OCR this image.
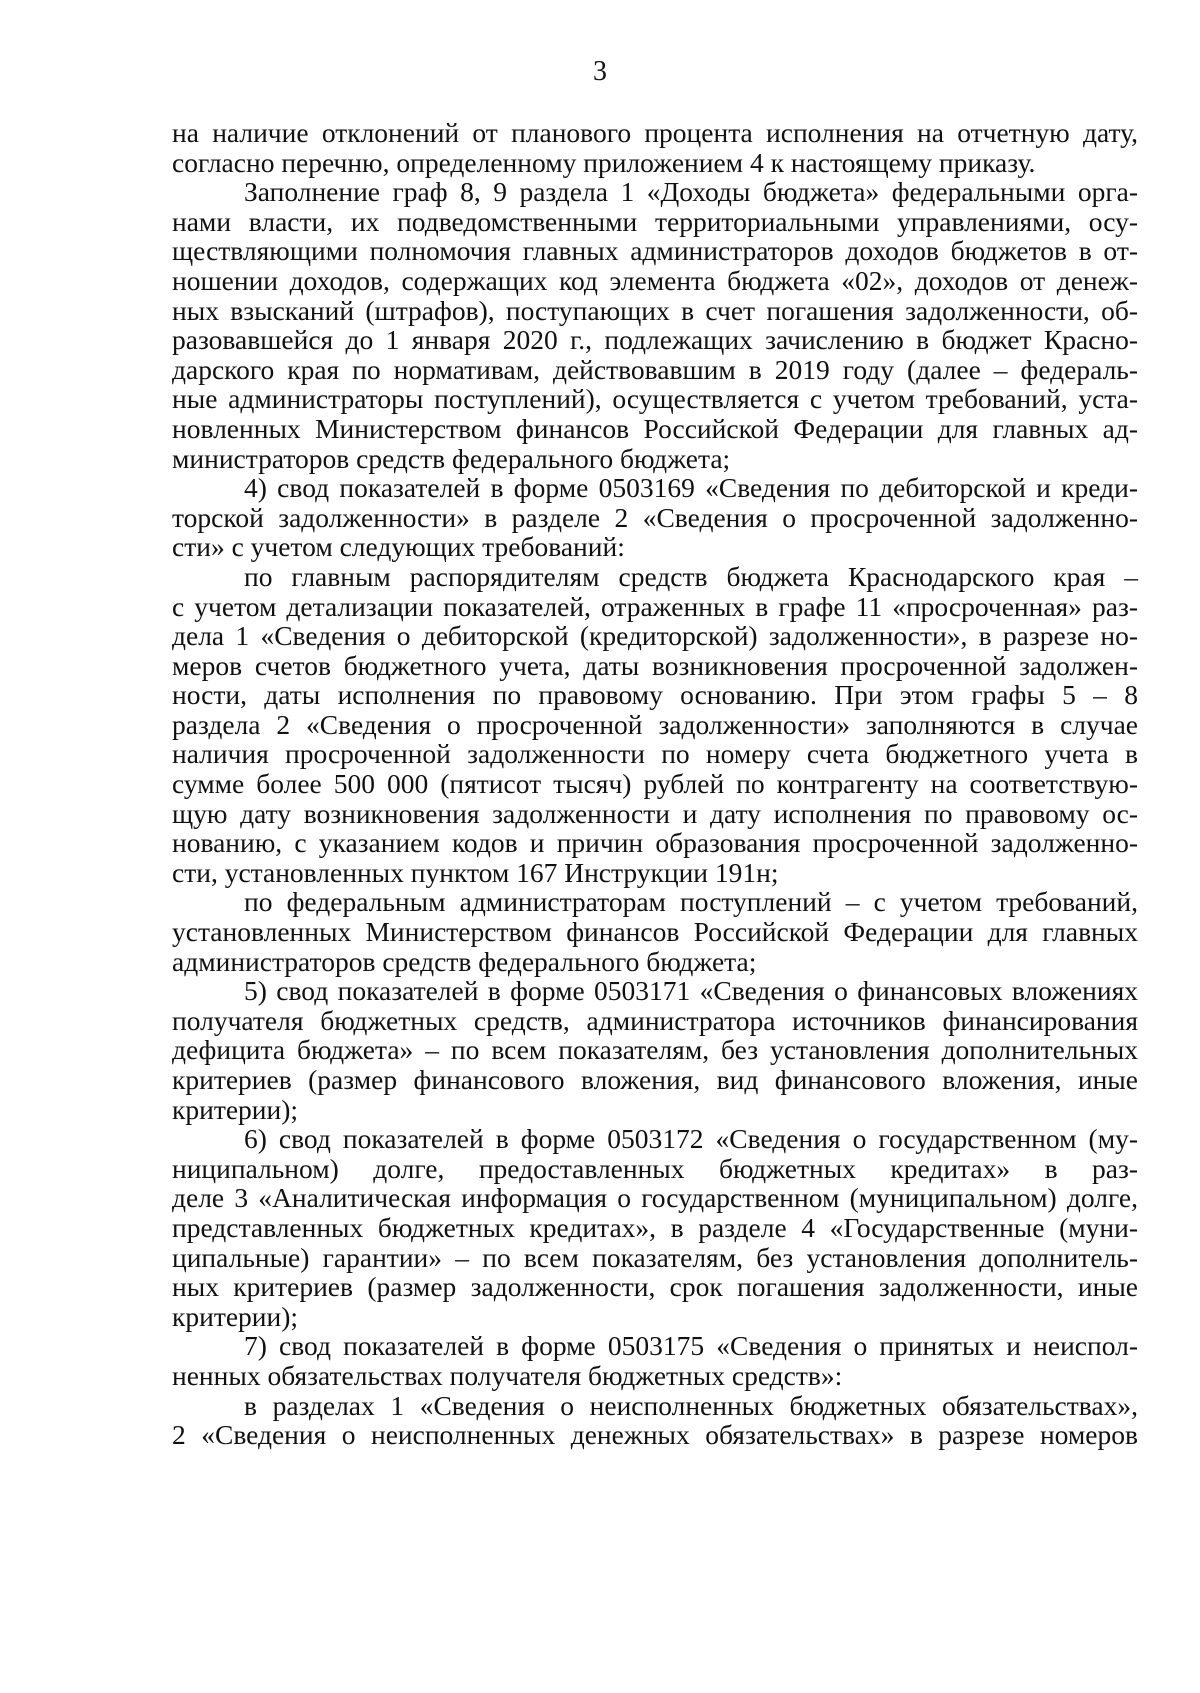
3
на наличие отклонений от планового процента исполнения на отчетную дату,
согласно перечню, определенному приложением 4 к настоящему приказу.
Заполнение граф 8, 9 раздела 1 «Доходы бюджета» федеральными орга-
нами власти, их подведомственными территориальными управлениями, осу-
ществляющими полномочия главных администраторов доходов бюджетов в от-
ношении доходов, содержащих код элемента бюджета «02», доходов от денеж-
ных взысканий (штрафов), поступающих в счет погашения задолженности, об-
разовавшейся до 1 января 2020 г., подлежащих зачислению в бюджет Красно-
дарского края по нормативам, действовавшим в 2019 году (далее – федераль-
ные администраторы поступлений), осуществляется с учетом требований, уста-
новленных Министерством финансов Российской Федерации для главных ад-
министраторов средств федерального бюджета;
4) свод показателей в форме 0503169 «Сведения по дебиторской и креди-
торской задолженности» в разделе 2 «Сведения о просроченной задолженно-
сти» с учетом следующих требований:
по главным распорядителям средств бюджета Краснодарского края –
с учетом детализации показателей, отраженных в графе 11 «просроченная» раз-
дела 1 «Сведения о дебиторской (кредиторской) задолженности», в разрезе но-
меров счетов бюджетного учета, даты возникновения просроченной задолжен-
ности, даты исполнения по правовому основанию. При этом графы 5 – 8
раздела 2 «Сведения о просроченной задолженности» заполняются в случае
наличия просроченной задолженности по номеру счета бюджетного учета в
сумме более 500 000 (пятисот тысяч) рублей по контрагенту на соответствую-
щую дату возникновения задолженности и дату исполнения по правовому ос-
нованию, с указанием кодов и причин образования просроченной задолженно-
сти, установленных пунктом 167 Инструкции 191н;
по федеральным администраторам поступлений – с учетом требований,
установленных Министерством финансов Российской Федерации для главных
администраторов средств федерального бюджета;
5) свод показателей в форме 0503171 «Сведения о финансовых вложениях
получателя бюджетных средств, администратора источников финансирования
дефицита бюджета» – по всем показателям, без установления дополнительных
критериев (размер финансового вложения, вид финансового вложения, иные
критерии);
6) свод показателей в форме 0503172 «Сведения о государственном (му-
ниципальном) долге, предоставленных бюджетных кредитах» в раз-
деле 3 «Аналитическая информация о государственном (муниципальном) долге,
представленных бюджетных кредитах», в разделе 4 «Государственные (муни-
ципальные) гарантии» – по всем показателям, без установления дополнитель-
ных критериев (размер задолженности, срок погашения задолженности, иные
критерии);
7) свод показателей в форме 0503175 «Сведения о принятых и неиспол-
ненных обязательствах получателя бюджетных средств»:
в разделах 1 «Сведения о неисполненных бюджетных обязательствах»,
2 «Сведения о неисполненных денежных обязательствах» в разрезе номеров
